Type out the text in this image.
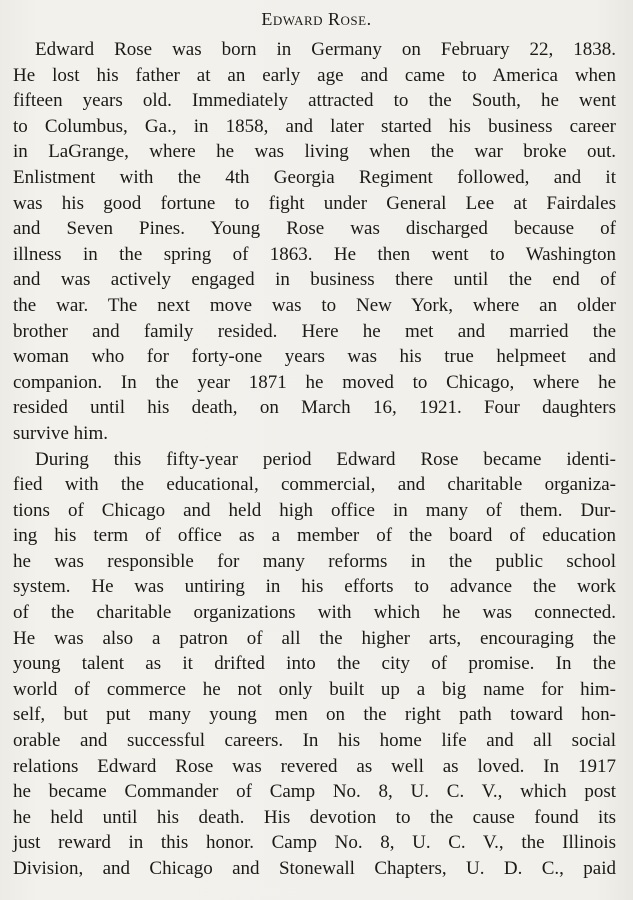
Edward Rose.
Edward Rose was born in Germany on February 22, 1838.
He lost his father at an early age and came to America when
fifteen years old. Immediately attracted to the South, he went
to Columbus, Ga., in 1858, and later started his business career
in LaGrange, where he was living when the war broke out.
Enlistment with the 4th Georgia Regiment followed, and it
was his good fortune to fight under General Lee at Fairdales
and Seven Pines. Young Rose was discharged because of
illness in the spring of 1863. He then went to Washington
and was actively engaged in business there until the end of
the war. The next move was to New York, where an older
brother and family resided. Here he met and married the
woman who for forty-one years was his true helpmeet and
companion. In the year 1871 he moved to Chicago, where he
resided until his death, on March 16, 1921. Four daughters
survive him.
During this fifty-year period Edward Rose became identi-
fied with the educational, commercial, and charitable organiza-
tions of Chicago and held high office in many of them. Dur-
ing his term of office as a member of the board of education
he was responsible for many reforms in the public school
system. He was untiring in his efforts to advance the work
of the charitable organizations with which he was connected.
He was also a patron of all the higher arts, encouraging the
young talent as it drifted into the city of promise. In the
world of commerce he not only built up a big name for him-
self, but put many young men on the right path toward hon-
orable and successful careers. In his home life and all social
relations Edward Rose was revered as well as loved. In 1917
he became Commander of Camp No. 8, U. C. V., which post
he held until his death. His devotion to the cause found its
just reward in this honor. Camp No. 8, U. C. V., the Illinois
Division, and Chicago and Stonewall Chapters, U. D. C., paid
